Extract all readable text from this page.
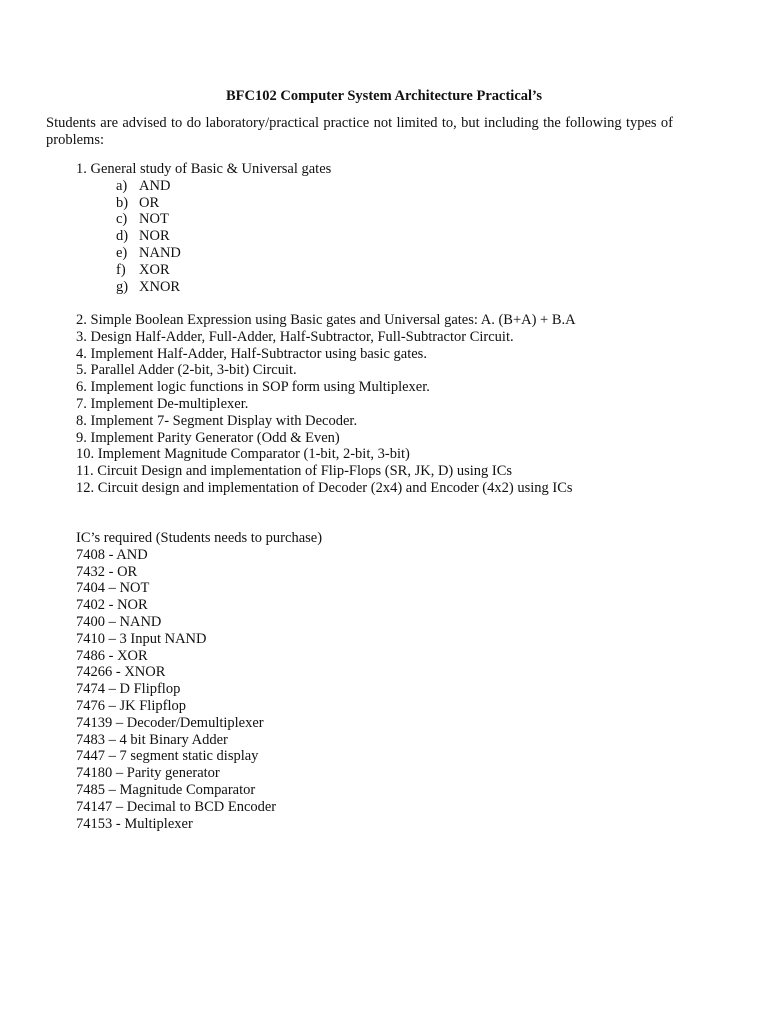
BFC102 Computer System Architecture Practical’s
Students are advised to do laboratory/practical practice not limited to, but including the following types of problems:
1. General study of Basic & Universal gates
a) AND
b) OR
c) NOT
d) NOR
e) NAND
f) XOR
g) XNOR
2. Simple Boolean Expression using Basic gates and Universal gates: A. (B+A) + B.A
3. Design Half-Adder, Full-Adder, Half-Subtractor, Full-Subtractor Circuit.
4. Implement Half-Adder, Half-Subtractor using basic gates.
5. Parallel Adder (2-bit, 3-bit) Circuit.
6. Implement logic functions in SOP form using Multiplexer.
7. Implement De-multiplexer.
8. Implement 7- Segment Display with Decoder.
9. Implement Parity Generator (Odd & Even)
10. Implement Magnitude Comparator (1-bit, 2-bit, 3-bit)
11. Circuit Design and implementation of Flip-Flops (SR, JK, D) using ICs
12. Circuit design and implementation of Decoder (2x4) and Encoder (4x2) using ICs
IC’s required (Students needs to purchase)
7408 - AND
7432 - OR
7404 – NOT
7402 - NOR
7400 – NAND
7410 – 3 Input NAND
7486 - XOR
74266 - XNOR
7474 – D Flipflop
7476 – JK Flipflop
74139 – Decoder/Demultiplexer
7483 – 4 bit Binary Adder
7447 – 7 segment static display
74180 – Parity generator
7485 – Magnitude Comparator
74147 – Decimal to BCD Encoder
74153 - Multiplexer
